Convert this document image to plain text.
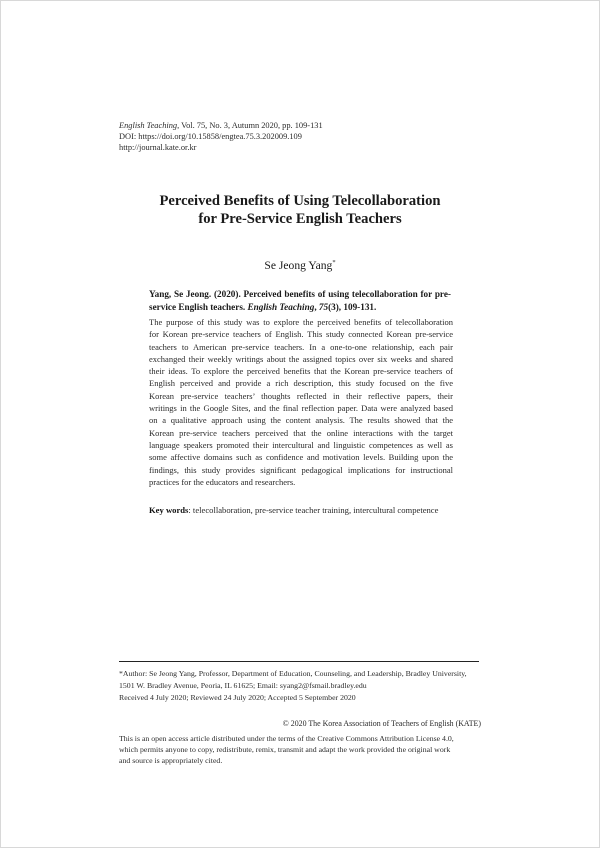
English Teaching, Vol. 75, No. 3, Autumn 2020, pp. 109-131
DOI: https://doi.org/10.15858/engtea.75.3.202009.109
http://journal.kate.or.kr
Perceived Benefits of Using Telecollaboration
for Pre-Service English Teachers
Se Jeong Yang*
Yang, Se Jeong. (2020). Perceived benefits of using telecollaboration for pre-service English teachers. English Teaching, 75(3), 109-131.
The purpose of this study was to explore the perceived benefits of telecollaboration
for Korean pre-service teachers of English. This study connected Korean pre-service
teachers to American pre-service teachers. In a one-to-one relationship, each pair
exchanged their weekly writings about the assigned topics over six weeks and shared
their ideas. To explore the perceived benefits that the Korean pre-service teachers of
English perceived and provide a rich description, this study focused on the five
Korean pre-service teachers’ thoughts reflected in their reflective papers, their
writings in the Google Sites, and the final reflection paper. Data were analyzed based
on a qualitative approach using the content analysis. The results showed that the
Korean pre-service teachers perceived that the online interactions with the target
language speakers promoted their intercultural and linguistic competences as well as
some affective domains such as confidence and motivation levels. Building upon the
findings, this study provides significant pedagogical implications for instructional
practices for the educators and researchers.
Key words: telecollaboration, pre-service teacher training, intercultural competence
*Author: Se Jeong Yang, Professor, Department of Education, Counseling, and Leadership, Bradley University,
1501 W. Bradley Avenue, Peoria, IL 61625; Email: syang2@fsmail.bradley.edu
Received 4 July 2020; Reviewed 24 July 2020; Accepted 5 September 2020
© 2020 The Korea Association of Teachers of English (KATE)
This is an open access article distributed under the terms of the Creative Commons Attribution License 4.0,
which permits anyone to copy, redistribute, remix, transmit and adapt the work provided the original work
and source is appropriately cited.
